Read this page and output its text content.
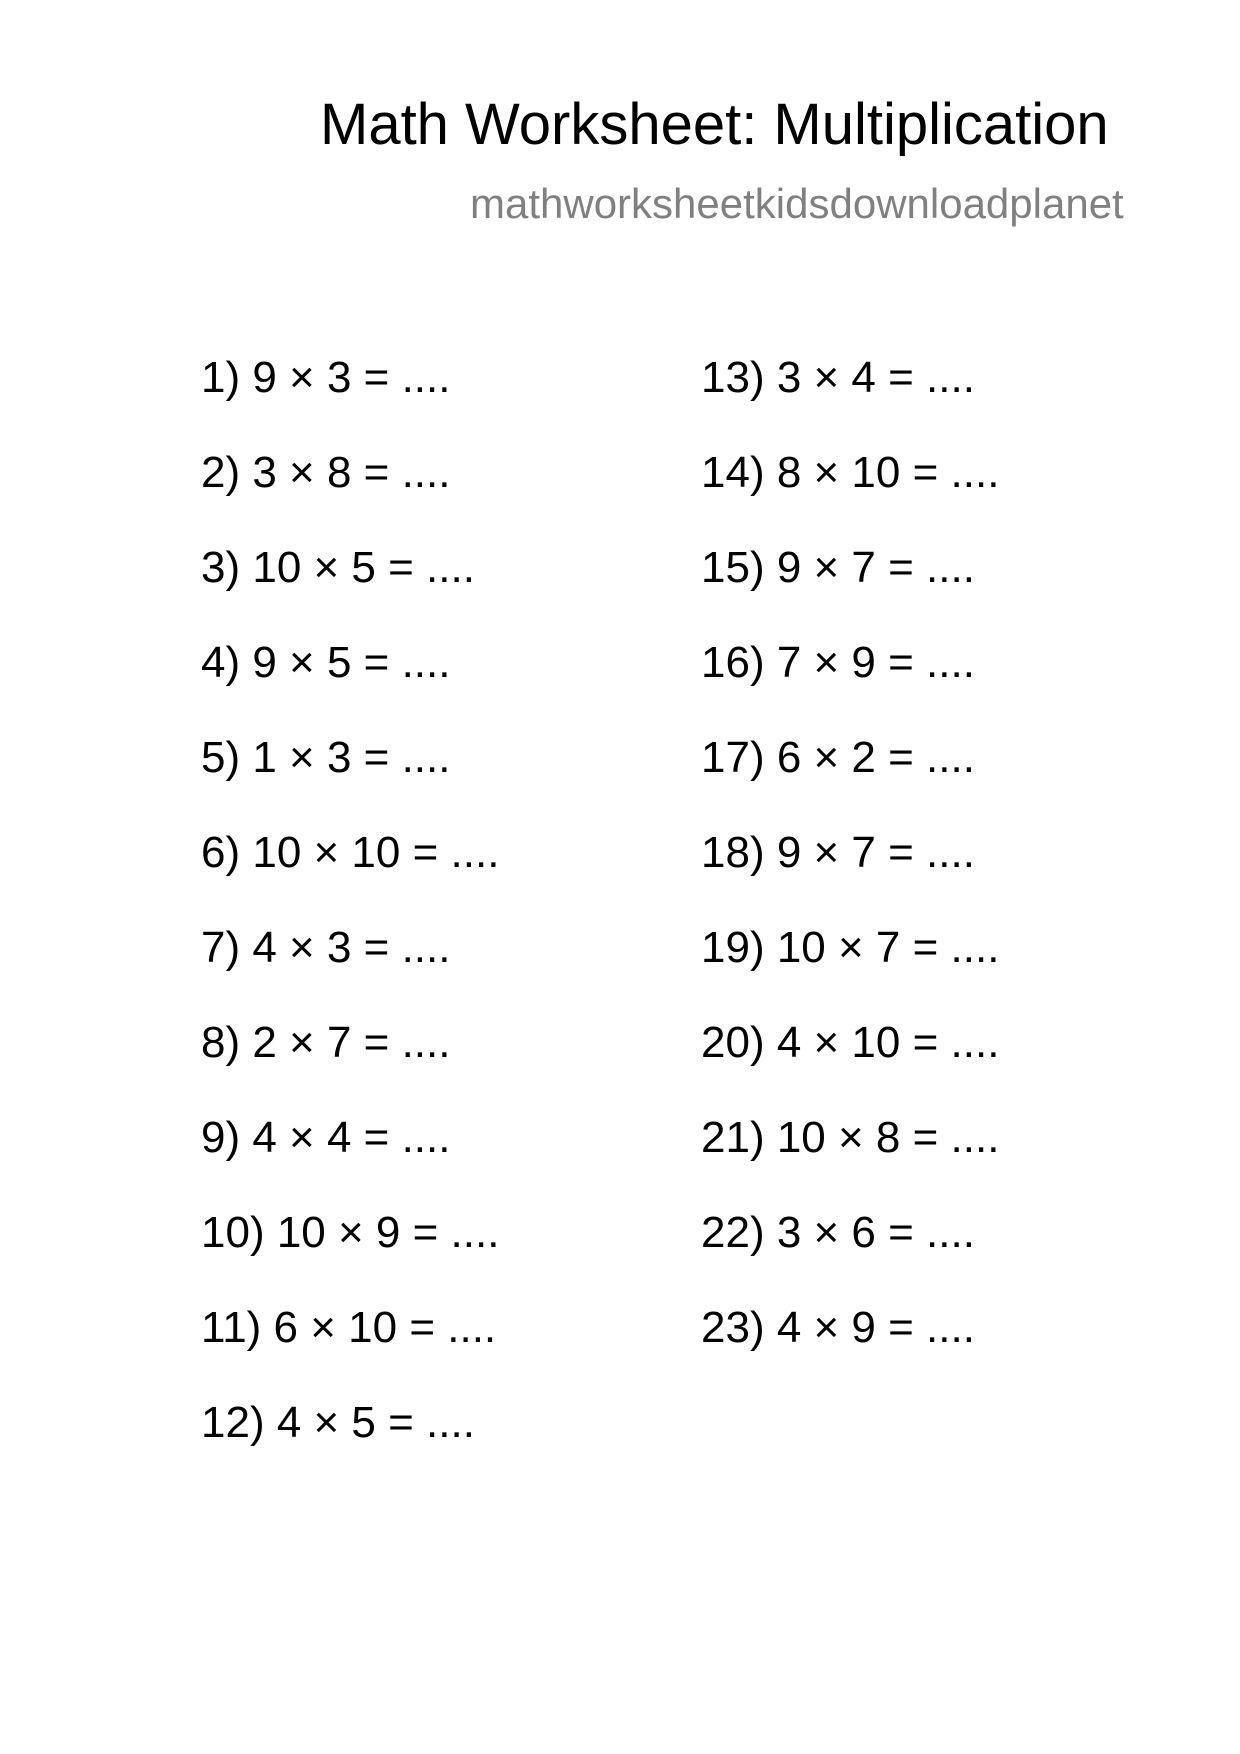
Math Worksheet: Multiplication
mathworksheetkidsdownloadplanet
1) 9 × 3 = ....
2) 3 × 8 = ....
3) 10 × 5 = ....
4) 9 × 5 = ....
5) 1 × 3 = ....
6) 10 × 10 = ....
7) 4 × 3 = ....
8) 2 × 7 = ....
9) 4 × 4 = ....
10) 10 × 9 = ....
11) 6 × 10 = ....
12) 4 × 5 = ....
13) 3 × 4 = ....
14) 8 × 10 = ....
15) 9 × 7 = ....
16) 7 × 9 = ....
17) 6 × 2 = ....
18) 9 × 7 = ....
19) 10 × 7 = ....
20) 4 × 10 = ....
21) 10 × 8 = ....
22) 3 × 6 = ....
23) 4 × 9 = ....
